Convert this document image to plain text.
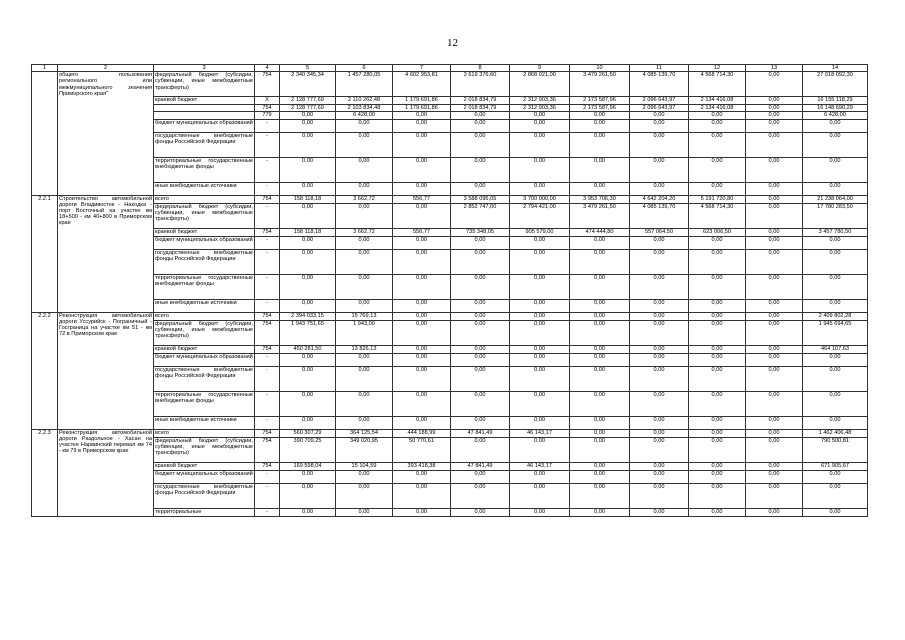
12
1	2	3	4	5	6	7	8	9	10	11	12	13	14
	общего пользования регионального или межмуниципального значения Приморского края"	федеральный бюджет (субсидии, субвенции, иные межбюджетные трансферты)	754	2 340 345,34	1 457 280,05	4 602 953,81	3 619 376,60	2 868 021,00	3 479 261,50	4 085 139,70	4 568 714,30	0,00	27 018 092,30
		краевой бюджет	X	2 128 777,69	2 110 262,48	1 179 691,86	2 018 834,79	2 312 903,36	2 173 587,96	2 096 643,97	2 134 416,08	0,00	16 155 118,29
			754	2 128 777,69	2 103 834,48	1 179 691,86	2 018 834,79	2 312 903,36	2 173 587,96	2 096 643,97	2 134 416,08	0,00	16 148 690,29
			779	0,00	6 428,00	0,00	0,00	0,00	0,00	0,00	0,00	0,00	6 428,00
		бюджет муниципальных образований	-	0,00	0,00	0,00	0,00	0,00	0,00	0,00	0,00	0,00	0,00
		государственные внебюджетные фонды Российской Федерации	-	0,00	0,00	0,00	0,00	0,00	0,00	0,00	0,00	0,00	0,00
		территориальные государственные внебюджетные фонды	-	0,00	0,00	0,00	0,00	0,00	0,00	0,00	0,00	0,00	0,00
		иные внебюджетные источники	-	0,00	0,00	0,00	0,00	0,00	0,00	0,00	0,00	0,00	0,00
2.2.1	Строительство автомобильной дороги Владивосток - Находка - порт Восточный на участке км 18+500 - км 40+800 в Приморском крае	всего	754	158 118,18	3 662,72	556,77	3 588 095,05	3 700 000,00	3 953 706,30	4 642 204,20	5 191 720,80	0,00	21 238 064,00
		федеральный бюджет (субсидии, субвенции, иные межбюджетные трансферты)	-	0,00	0,00	0,00	2 852 747,00	2 794 421,00	3 479 261,50	4 085 139,70	4 568 714,30	0,00	17 780 283,50
		краевой бюджет	754	158 118,18	3 662,72	556,77	735 348,05	905 579,00	474 444,80	557 064,50	623 006,50	0,00	3 457 780,50
		бюджет муниципальных образований	-	0,00	0,00	0,00	0,00	0,00	0,00	0,00	0,00	0,00	0,00
		государственные внебюджетные фонды Российской Федерации	-	0,00	0,00	0,00	0,00	0,00	0,00	0,00	0,00	0,00	0,00
		территориальные государственные внебюджетные фонды	-	0,00	0,00	0,00	0,00	0,00	0,00	0,00	0,00	0,00	0,00
		иные внебюджетные источники	-	0,00	0,00	0,00	0,00	0,00	0,00	0,00	0,00	0,00	0,00
2.2.2	Реконструкция автомобильной дороги Уссурийск - Пограничный - Госграница на участке км 51 - км 72 в Приморском крае	всего	754	2 394 033,15	15 769,13	0,00	0,00	0,00	0,00	0,00	0,00	0,00	2 409 802,28
		федеральный бюджет (субсидии, субвенции, иные межбюджетные трансферты)	754	1 943 751,65	1 943,00	0,00	0,00	0,00	0,00	0,00	0,00	0,00	1 945 694,65
		краевой бюджет	754	450 281,50	13 826,13	0,00	0,00	0,00	0,00	0,00	0,00	0,00	464 107,63
		бюджет муниципальных образований	-	0,00	0,00	0,00	0,00	0,00	0,00	0,00	0,00	0,00	0,00
		государственные внебюджетные фонды Российской Федерации	-	0,00	0,00	0,00	0,00	0,00	0,00	0,00	0,00	0,00	0,00
		территориальные государственные внебюджетные фонды	-	0,00	0,00	0,00	0,00	0,00	0,00	0,00	0,00	0,00	0,00
		иные внебюджетные источники	-	0,00	0,00	0,00	0,00	0,00	0,00	0,00	0,00	0,00	0,00
2.2.3	Реконструкция автомобильной дороги Раздольное - Хасан на участке Нарвинский перевал км 74 - км 79 в Приморском крае	всего	754	560 307,29	364 125,54	444 188,99	47 841,49	46 143,17	0,00	0,00	0,00	0,00	1 462 406,48
		федеральный бюджет (субсидии, субвенции, иные межбюджетные трансферты)	754	390 709,25	349 020,95	50 770,61	0,00	0,00	0,00	0,00	0,00	0,00	790 500,81
		краевой бюджет	754	169 598,04	15 104,59	393 418,38	47 841,49	46 143,17	0,00	0,00	0,00	0,00	671 905,67
		бюджет муниципальных образований	-	0,00	0,00	0,00	0,00	0,00	0,00	0,00	0,00	0,00	0,00
		государственные внебюджетные фонды Российской Федерации	-	0,00	0,00	0,00	0,00	0,00	0,00	0,00	0,00	0,00	0,00
		территориальные	-	0,00	0,00	0,00	0,00	0,00	0,00	0,00	0,00	0,00	0,00
